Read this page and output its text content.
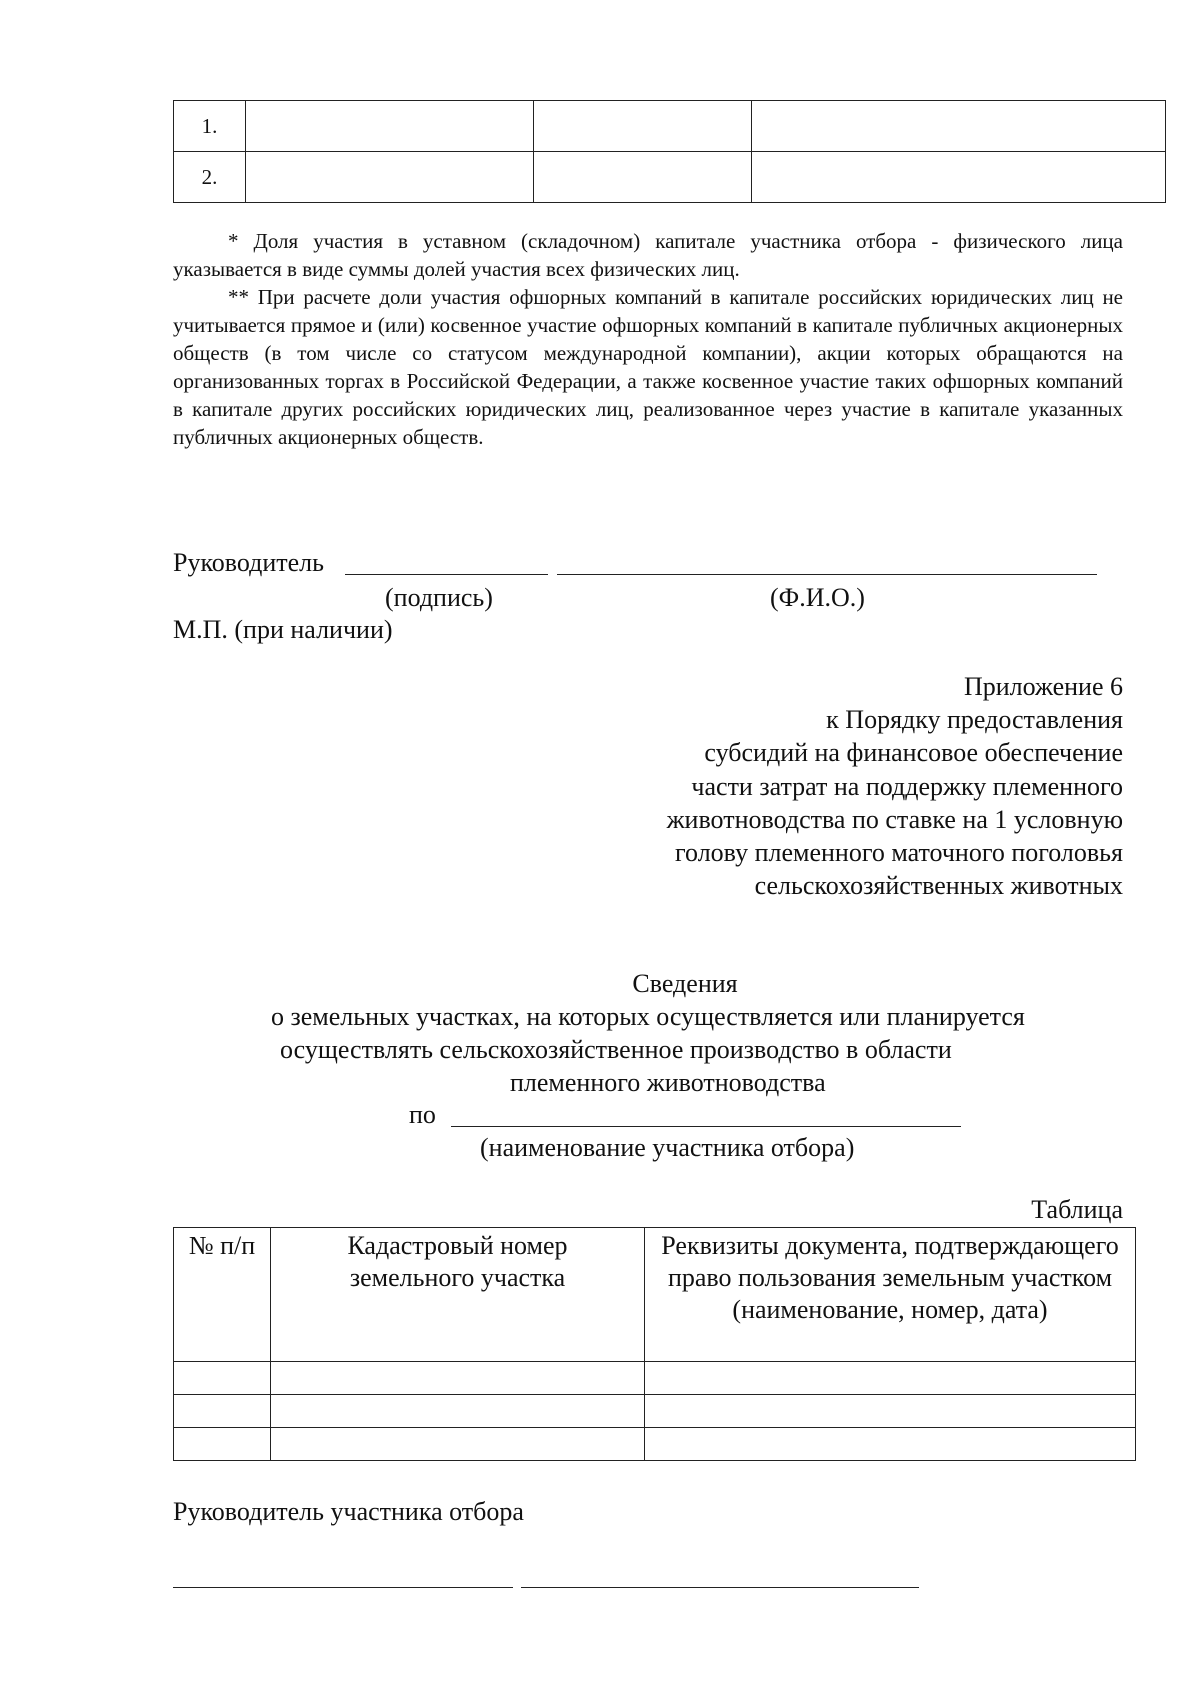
1.			
2.			

* Доля участия в уставном (складочном) капитале участника отбора - физического лица указывается в виде суммы долей участия всех физических лиц.

** При расчете доли участия офшорных компаний в капитале российских юридических лиц не учитывается прямое и (или) косвенное участие офшорных компаний в капитале публичных акционерных обществ (в том числе со статусом международной компании), акции которых обращаются на организованных торгах в Российской Федерации, а также косвенное участие таких офшорных компаний в капитале других российских юридических лиц, реализованное через участие в капитале указанных публичных акционерных обществ.

Руководитель
(подпись)	(Ф.И.О.)
М.П. (при наличии)
Приложение 6
к Порядку предоставления
субсидий на финансовое обеспечение
части затрат на поддержку племенного
животноводства по ставке на 1 условную
голову племенного маточного поголовья
сельскохозяйственных животных
Сведения
о земельных участках, на которых осуществляется или планируется
осуществлять сельскохозяйственное производство в области
племенного животноводства
по
(наименование участника отбора)
Таблица
№ п/п	Кадастровый номер земельного участка	Реквизиты документа, подтверждающего право пользования земельным участком (наименование, номер, дата)

Руководитель участника отбора
